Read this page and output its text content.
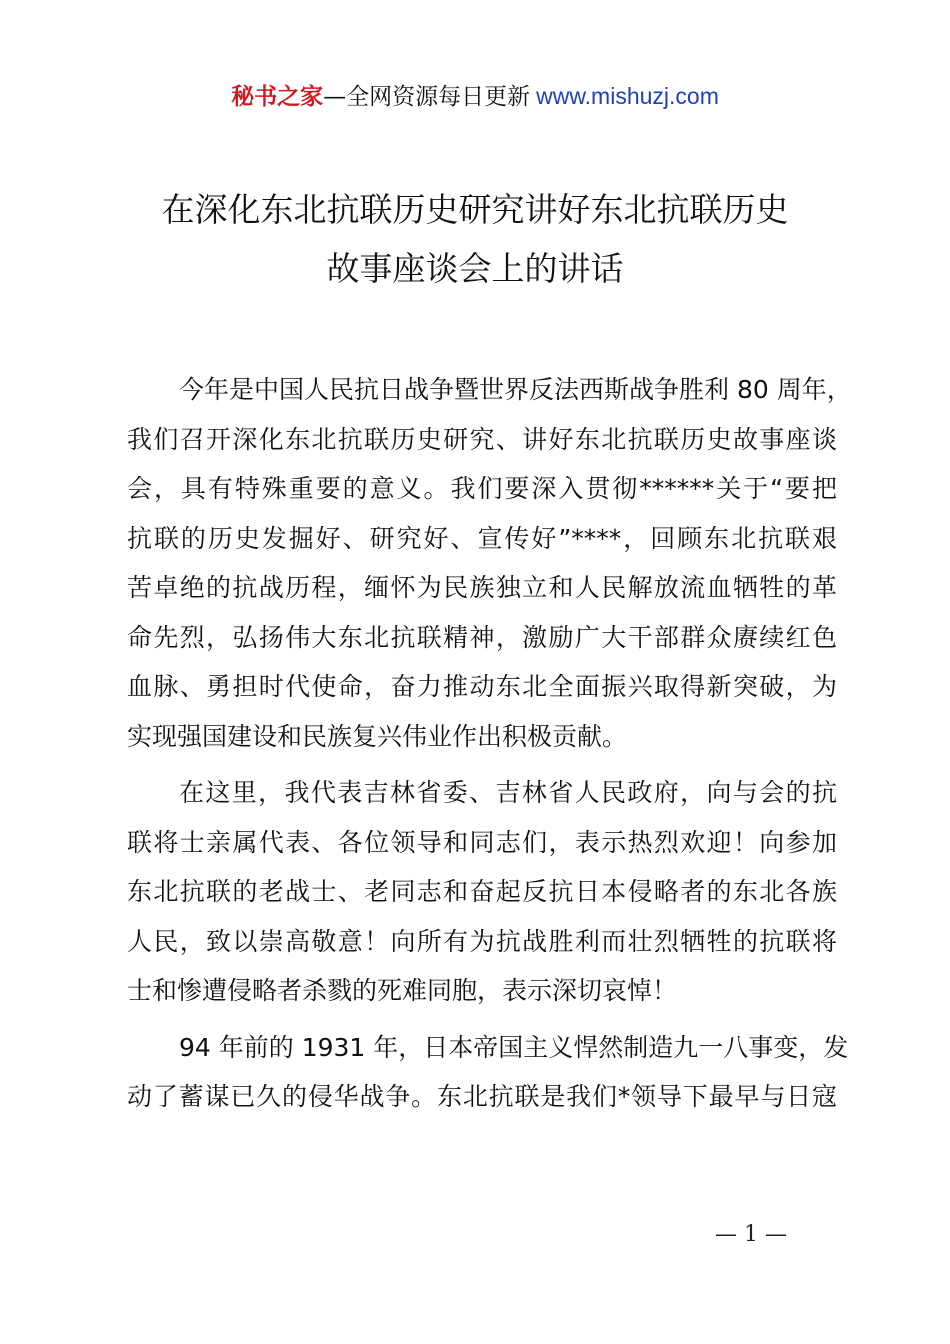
秘书之家—全网资源每日更新 www.mishuzj.com
在深化东北抗联历史研究讲好东北抗联历史
故事座谈会上的讲话
今年是中国人民抗日战争暨世界反法西斯战争胜利 80 周年，
我们召开深化东北抗联历史研究、讲好东北抗联历史故事座谈
会，具有特殊重要的意义。我们要深入贯彻******关于“要把
抗联的历史发掘好、研究好、宣传好”****，回顾东北抗联艰
苦卓绝的抗战历程，缅怀为民族独立和人民解放流血牺牲的革
命先烈，弘扬伟大东北抗联精神，激励广大干部群众赓续红色
血脉、勇担时代使命，奋力推动东北全面振兴取得新突破，为
实现强国建设和民族复兴伟业作出积极贡献。
在这里，我代表吉林省委、吉林省人民政府，向与会的抗
联将士亲属代表、各位领导和同志们，表示热烈欢迎！向参加
东北抗联的老战士、老同志和奋起反抗日本侵略者的东北各族
人民，致以崇高敬意！向所有为抗战胜利而壮烈牺牲的抗联将
士和惨遭侵略者杀戮的死难同胞，表示深切哀悼！
94 年前的 1931 年，日本帝国主义悍然制造九一八事变，发
动了蓄谋已久的侵华战争。东北抗联是我们*领导下最早与日寇
— 1 —
